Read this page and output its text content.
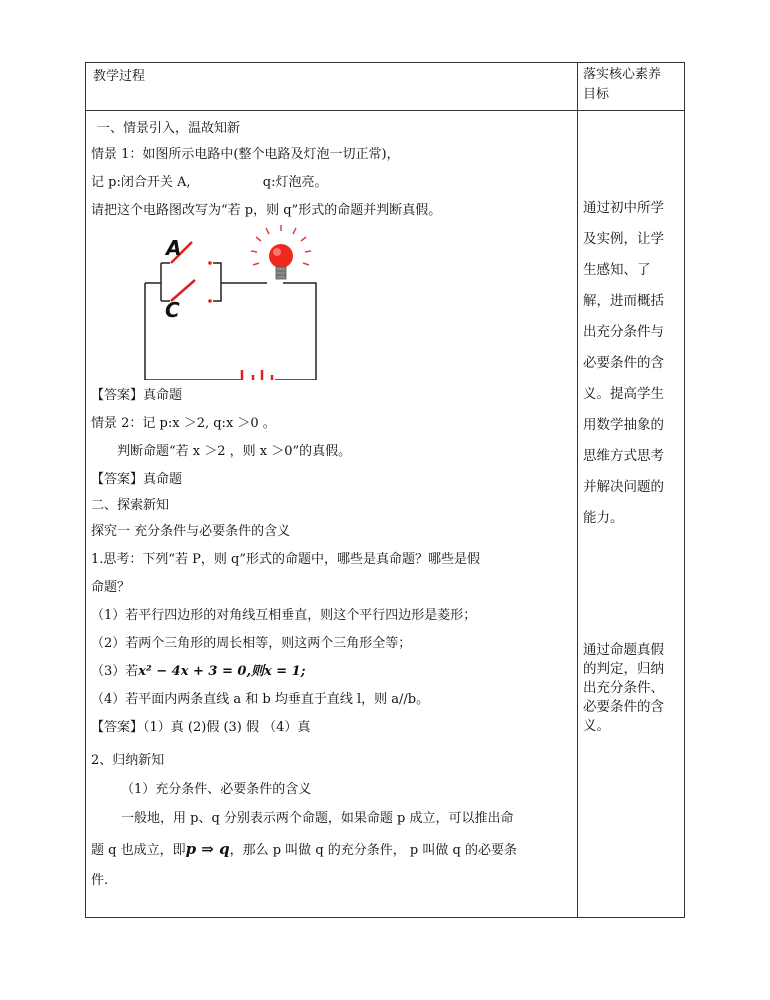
教学过程	落实核心素养
目标

一、情景引入，温故知新

情景 1：如图所示电路中(整个电路及灯泡一切正常)，

记 p:闭合开关 A,	q:灯泡亮。

请把这个电路图改写为“若 p，则 q”形式的命题并判断真假。

A
C

【答案】真命题

情景 2：记 p:x ＞2, q:x ＞0 。

判断命题“若 x ＞2 ，则 x ＞0”的真假。

【答案】真命题

二、探索新知

探究一 充分条件与必要条件的含义

1.思考：下列“若 P，则 q”形式的命题中，哪些是真命题？哪些是假

命题？

（1）若平行四边形的对角线互相垂直，则这个平行四边形是菱形；

（2）若两个三角形的周长相等，则这两个三角形全等；

（3）若x² − 4x + 3 = 0,则x = 1;

（4）若平面内两条直线 a 和 b 均垂直于直线 l，则 a//b。

【答案】（1）真 (2)假 (3) 假 （4）真

2、归纳新知

（1）充分条件、必要条件的含义

一般地，用 p、q 分别表示两个命题，如果命题 p 成立，可以推出命

题 q 也成立，即p ⇒ q，那么 p 叫做 q 的充分条件， p 叫做 q 的必要条

件.

通过初中所学
及实例，让学
生感知、了
解，进而概括
出充分条件与
必要条件的含
义。提高学生
用数学抽象的
思维方式思考
并解决问题的
能力。
通过命题真假
的判定，归纳
出充分条件、
必要条件的含
义。
